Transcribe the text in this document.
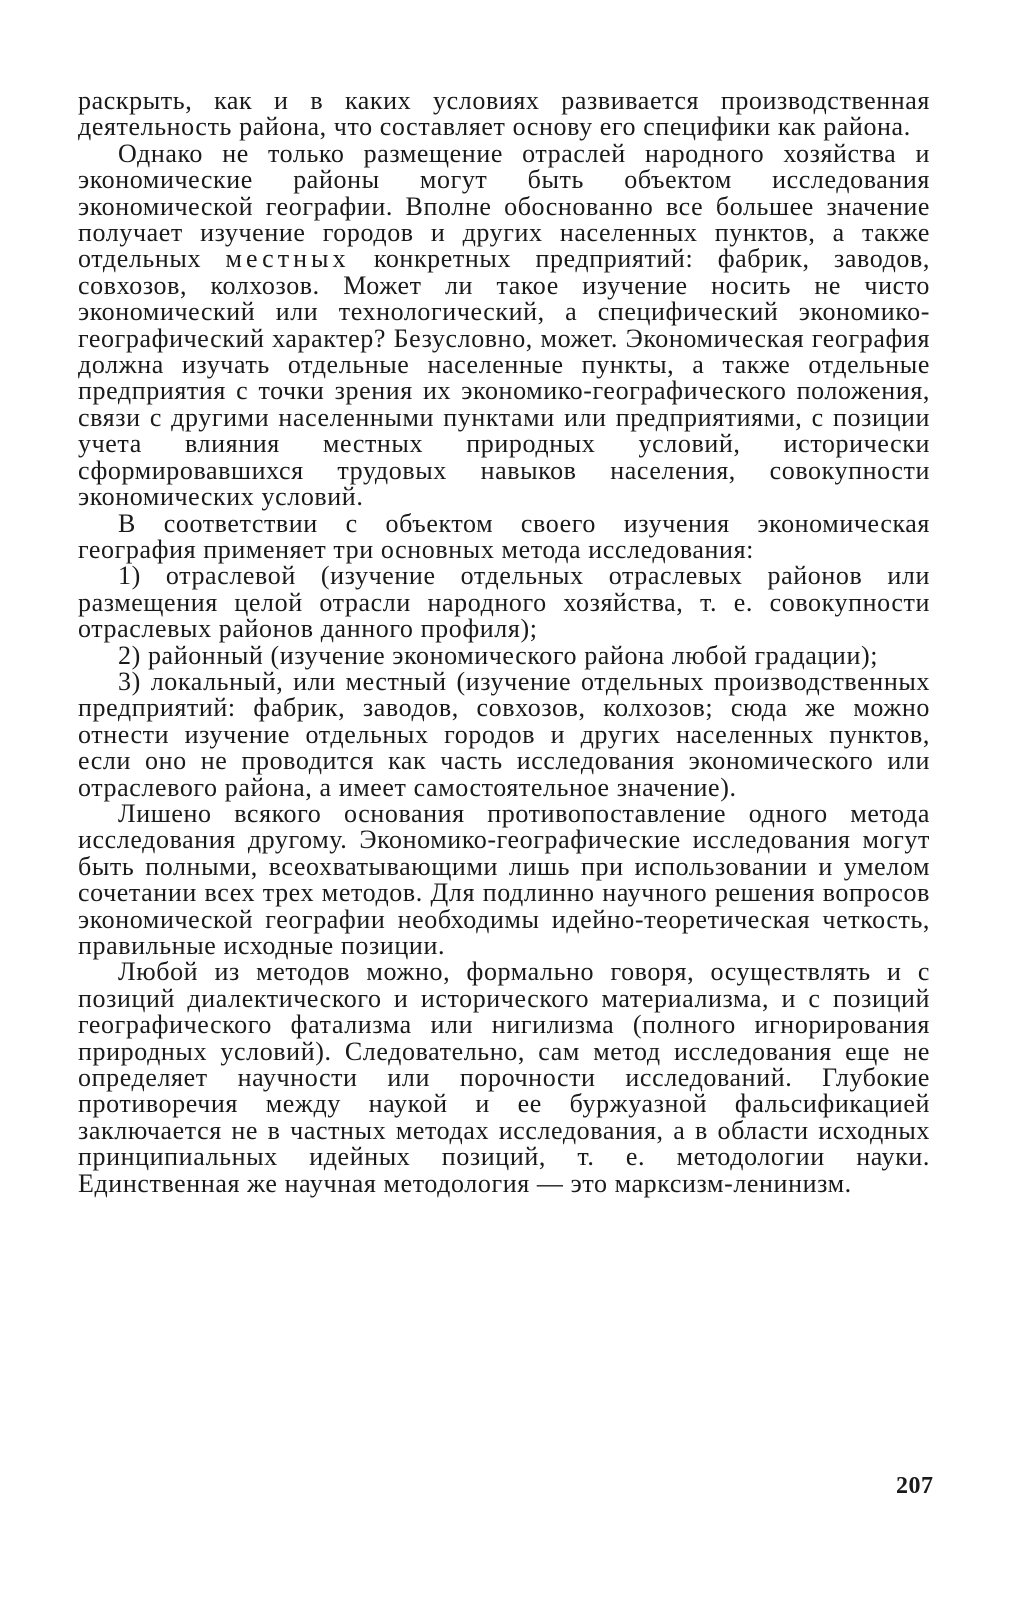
раскрыть, как и в каких условиях развивается производственная деятельность района, что составляет основу его специфики как района.

Однако не только размещение отраслей народного хозяйства и экономические районы могут быть объектом исследования экономической географии. Вполне обоснованно все большее значение получает изучение городов и других населенных пунктов, а также отдельных местных конкретных предприятий: фабрик, заводов, совхозов, колхозов. Может ли такое изучение носить не чисто экономический или технологический, а специфический экономико-географический характер? Безусловно, может. Экономическая география должна изучать отдельные населенные пункты, а также отдельные предприятия с точки зрения их экономико-географического положения, связи с другими населенными пунктами или предприятиями, с позиции учета влияния местных природных условий, исторически сформировавшихся трудовых навыков населения, совокупности экономических условий.

В соответствии с объектом своего изучения экономическая география применяет три основных метода исследования:

1) отраслевой (изучение отдельных отраслевых районов или размещения целой отрасли народного хозяйства, т. е. совокупности отраслевых районов данного профиля);

2) районный (изучение экономического района любой градации);

3) локальный, или местный (изучение отдельных производственных предприятий: фабрик, заводов, совхозов, колхозов; сюда же можно отнести изучение отдельных городов и других населенных пунктов, если оно не проводится как часть исследования экономического или отраслевого района, а имеет самостоятельное значение).

Лишено всякого основания противопоставление одного метода исследования другому. Экономико-географические исследования могут быть полными, всеохватывающими лишь при использовании и умелом сочетании всех трех методов. Для подлинно научного решения вопросов экономической географии необходимы идейно-теоретическая четкость, правильные исходные позиции.

Любой из методов можно, формально говоря, осуществлять и с позиций диалектического и исторического материализма, и с позиций географического фатализма или нигилизма (полного игнорирования природных условий). Следовательно, сам метод исследования еще не определяет научности или порочности исследований. Глубокие противоречия между наукой и ее буржуазной фальсификацией заключается не в частных методах исследования, а в области исходных принципиальных идейных позиций, т. е. методологии науки. Единственная же научная методология — это марксизм-ленинизм.

207
